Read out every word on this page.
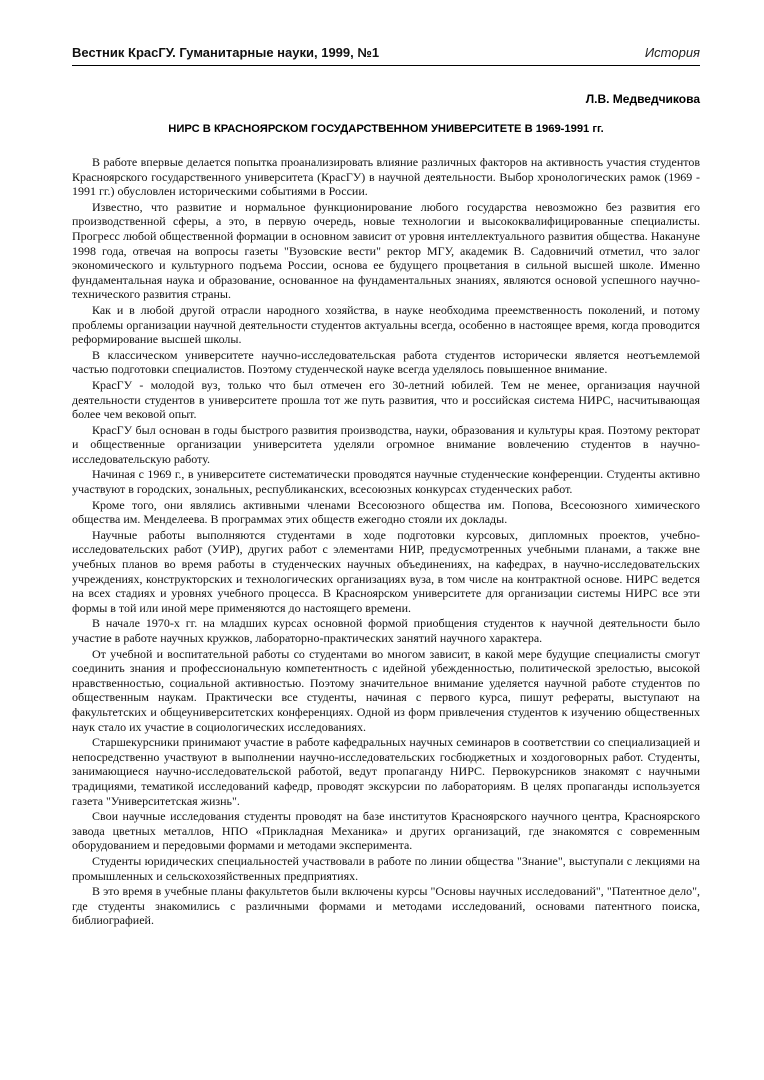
Вестник КрасГУ. Гуманитарные науки, 1999, №1	История
Л.В. Медведчикова
НИРС В КРАСНОЯРСКОМ ГОСУДАРСТВЕННОМ УНИВЕРСИТЕТЕ В 1969-1991 гг.

В работе впервые делается попытка проанализировать влияние различных факторов на активность участия студентов Красноярского государственного университета (КрасГУ) в научной деятельности. Выбор хронологических рамок (1969 - 1991 гг.) обусловлен историческими событиями в России.

Известно, что развитие и нормальное функционирование любого государства невозможно без развития его производственной сферы, а это, в первую очередь, новые технологии и высококвалифицированные специалисты. Прогресс любой общественной формации в основном зависит от уровня интеллектуального развития общества. Накануне 1998 года, отвечая на вопросы газеты "Вузовские вести" ректор МГУ, академик В. Садовничий отметил, что залог экономического и культурного подъема России, основа ее будущего процветания в сильной высшей школе. Именно фундаментальная наука и образование, основанное на фундаментальных знаниях, являются основой успешного научно-технического развития страны.

Как и в любой другой отрасли народного хозяйства, в науке необходима преемственность поколений, и потому проблемы организации научной деятельности студентов актуальны всегда, особенно в настоящее время, когда проводится реформирование высшей школы.

В классическом университете научно-исследовательская работа студентов исторически является неотъемлемой частью подготовки специалистов. Поэтому студенческой науке всегда уделялось повышенное внимание.

КрасГУ - молодой вуз, только что был отмечен его 30-летний юбилей. Тем не менее, организация научной деятельности студентов в университете прошла тот же путь развития, что и российская система НИРС, насчитывающая более чем вековой опыт.

КрасГУ был основан в годы быстрого развития производства, науки, образования и культуры края. Поэтому ректорат и общественные организации университета уделяли огромное внимание вовлечению студентов в научно-исследовательскую работу.

Начиная с 1969 г., в университете систематически проводятся научные студенческие конференции. Студенты активно участвуют в городских, зональных, республиканских, всесоюзных конкурсах студенческих работ.

Кроме того, они являлись активными членами Всесоюзного общества им. Попова, Всесоюзного химического общества им. Менделеева. В программах этих обществ ежегодно стояли их доклады.

Научные работы выполняются студентами в ходе подготовки курсовых, дипломных проектов, учебно-исследовательских работ (УИР), других работ с элементами НИР, предусмотренных учебными планами, а также вне учебных планов во время работы в студенческих научных объединениях, на кафедрах, в научно-исследовательских учреждениях, конструкторских и технологических организациях вуза, в том числе на контрактной основе. НИРС ведется на всех стадиях и уровнях учебного процесса. В Красноярском университете для организации системы НИРС все эти формы в той или иной мере применяются до настоящего времени.

В начале 1970-х гг. на младших курсах основной формой приобщения студентов к научной деятельности было участие в работе научных кружков, лабораторно-практических занятий научного характера.

От учебной и воспитательной работы со студентами во многом зависит, в какой мере будущие специалисты смогут соединить знания и профессиональную компетентность с идейной убежденностью, политической зрелостью, высокой нравственностью, социальной активностью. Поэтому значительное внимание уделяется научной работе студентов по общественным наукам. Практически все студенты, начиная с первого курса, пишут рефераты, выступают на факультетских и общеуниверситетских конференциях. Одной из форм привлечения студентов к изучению общественных наук стало их участие в социологических исследованиях.

Старшекурсники принимают участие в работе кафедральных научных семинаров в соответствии со специализацией и непосредственно участвуют в выполнении научно-исследовательских госбюджетных и хоздоговорных работ. Студенты, занимающиеся научно-исследовательской работой, ведут пропаганду НИРС. Первокурсников знакомят с научными традициями, тематикой исследований кафедр, проводят экскурсии по лабораториям. В целях пропаганды используется газета "Университетская жизнь".

Свои научные исследования студенты проводят на базе институтов Красноярского научного центра, Красноярского завода цветных металлов, НПО «Прикладная Механика» и других организаций, где знакомятся с современным оборудованием и передовыми формами и методами эксперимента.

Студенты юридических специальностей участвовали в работе по линии общества "Знание", выступали с лекциями на промышленных и сельскохозяйственных предприятиях.

В это время в учебные планы факультетов были включены курсы "Основы научных исследований", "Патентное дело", где студенты знакомились с различными формами и методами исследований, основами патентного поиска, библиографией.
